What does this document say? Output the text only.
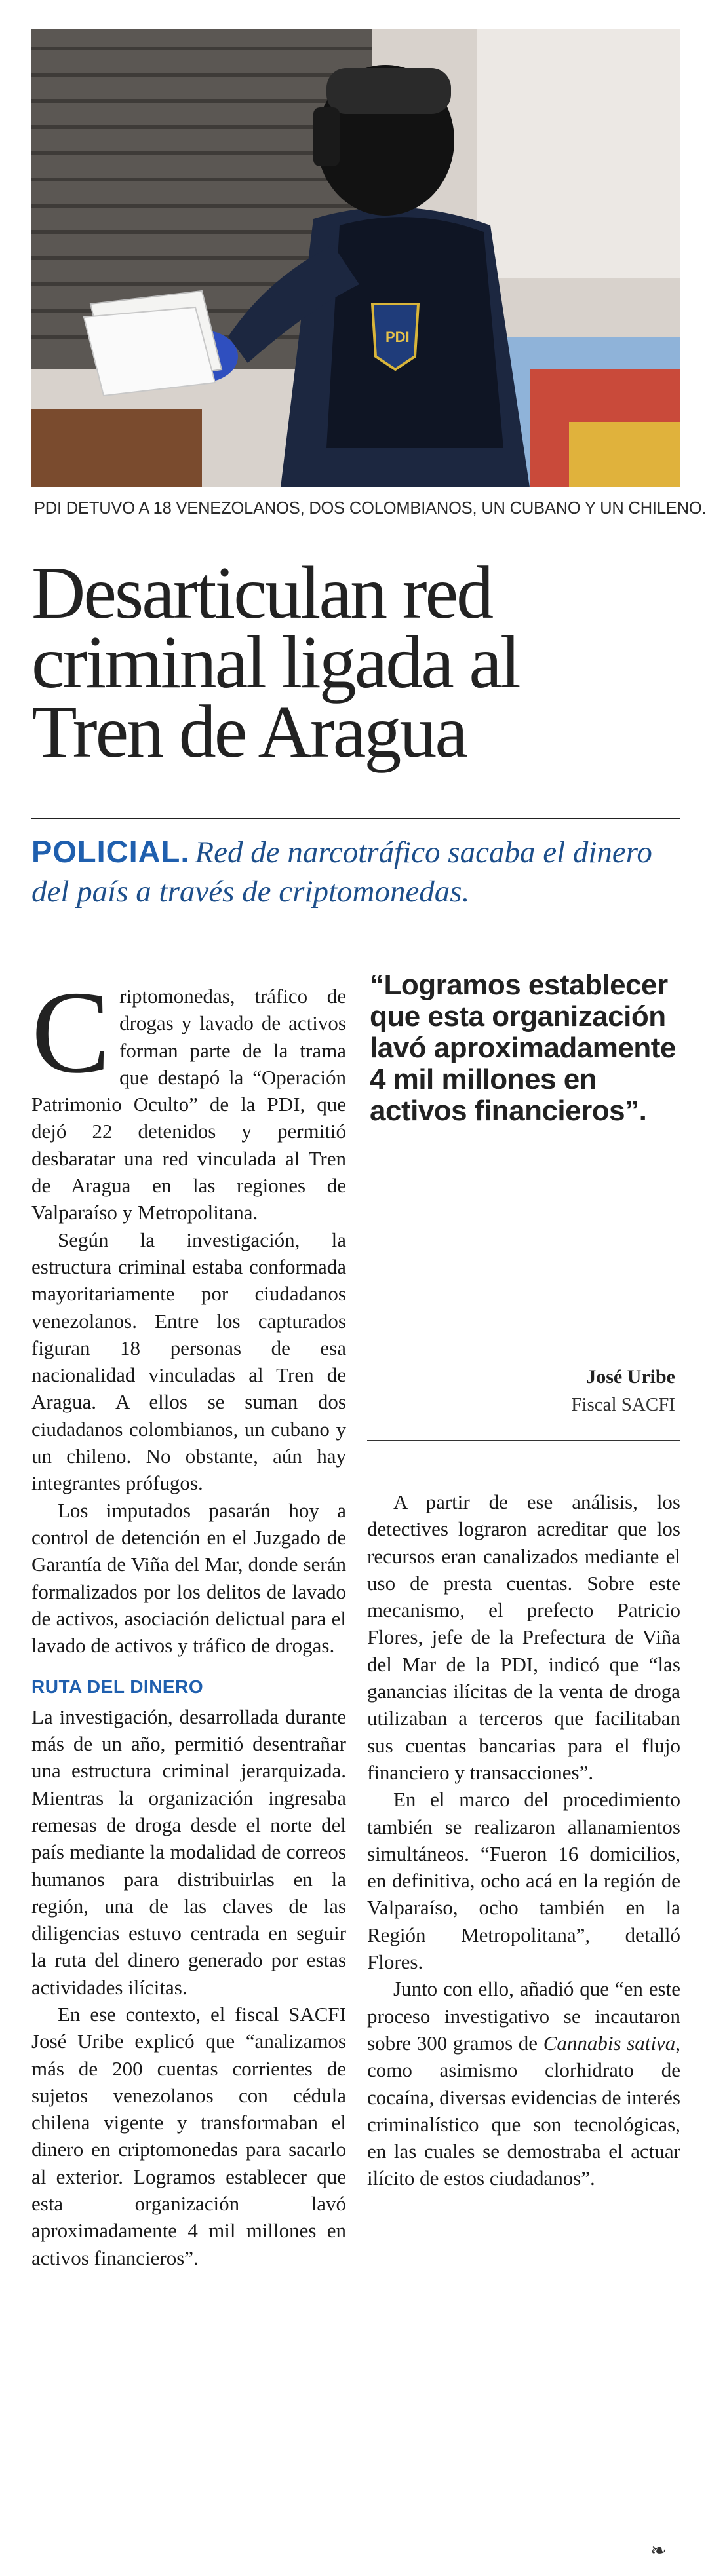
PDI
PDI DETUVO A 18 VENEZOLANOS, DOS COLOMBIANOS, UN CUBANO Y UN CHILENO.
Desarticulan red
criminal ligada al
Tren de Aragua
POLICIAL. Red de narcotráfico sacaba el dinero del país a través de criptomonedas.
“Logramos establecer que esta organización lavó aproximadamente 4 mil millones en activos financieros”.
José Uribe
Fiscal SACFI

Criptomonedas, tráfico de drogas y lavado de activos forman parte de la trama que destapó la “Operación Patrimonio Oculto” de la PDI, que dejó 22 detenidos y permitió desbaratar una red vinculada al Tren de Aragua en las regiones de Valparaíso y Metropolitana.

Según la investigación, la estructura criminal estaba conformada mayoritariamente por ciudadanos venezolanos. Entre los capturados figuran 18 personas de esa nacionalidad vinculadas al Tren de Aragua. A ellos se suman dos ciudadanos colombianos, un cubano y un chileno. No obstante, aún hay integrantes prófugos.

Los imputados pasarán hoy a control de detención en el Juzgado de Garantía de Viña del Mar, donde serán formalizados por los delitos de lavado de activos, asociación delictual para el lavado de activos y tráfico de drogas.

RUTA DEL DINERO

La investigación, desarrollada durante más de un año, permitió desentrañar una estructura criminal jerarquizada. Mientras la organización ingresaba remesas de droga desde el norte del país mediante la modalidad de correos humanos para distribuirlas en la región, una de las claves de las diligencias estuvo centrada en seguir la ruta del dinero generado por estas actividades ilícitas.

En ese contexto, el fiscal SACFI José Uribe explicó que “analizamos más de 200 cuentas corrientes de sujetos venezolanos con cédula chilena vigente y transformaban el dinero en criptomonedas para sacarlo al exterior. Logramos establecer que esta organización lavó aproximadamente 4 mil millones en activos financieros”.

A partir de ese análisis, los detectives lograron acreditar que los recursos eran canalizados mediante el uso de presta cuentas. Sobre este mecanismo, el prefecto Patricio Flores, jefe de la Prefectura de Viña del Mar de la PDI, indicó que “las ganancias ilícitas de la venta de droga utilizaban a terceros que facilitaban sus cuentas bancarias para el flujo financiero y transacciones”.

En el marco del procedimiento también se realizaron allanamientos simultáneos. “Fueron 16 domicilios, en definitiva, ocho acá en la región de Valparaíso, ocho también en la Región Metropolitana”, detalló Flores.

Junto con ello, añadió que “en este proceso investigativo se incautaron sobre 300 gramos de Cannabis sativa, como asimismo clorhidrato de cocaína, diversas evidencias de interés criminalístico que son tecnológicas, en las cuales se demostraba el actuar ilícito de estos ciudadanos”.

❧
